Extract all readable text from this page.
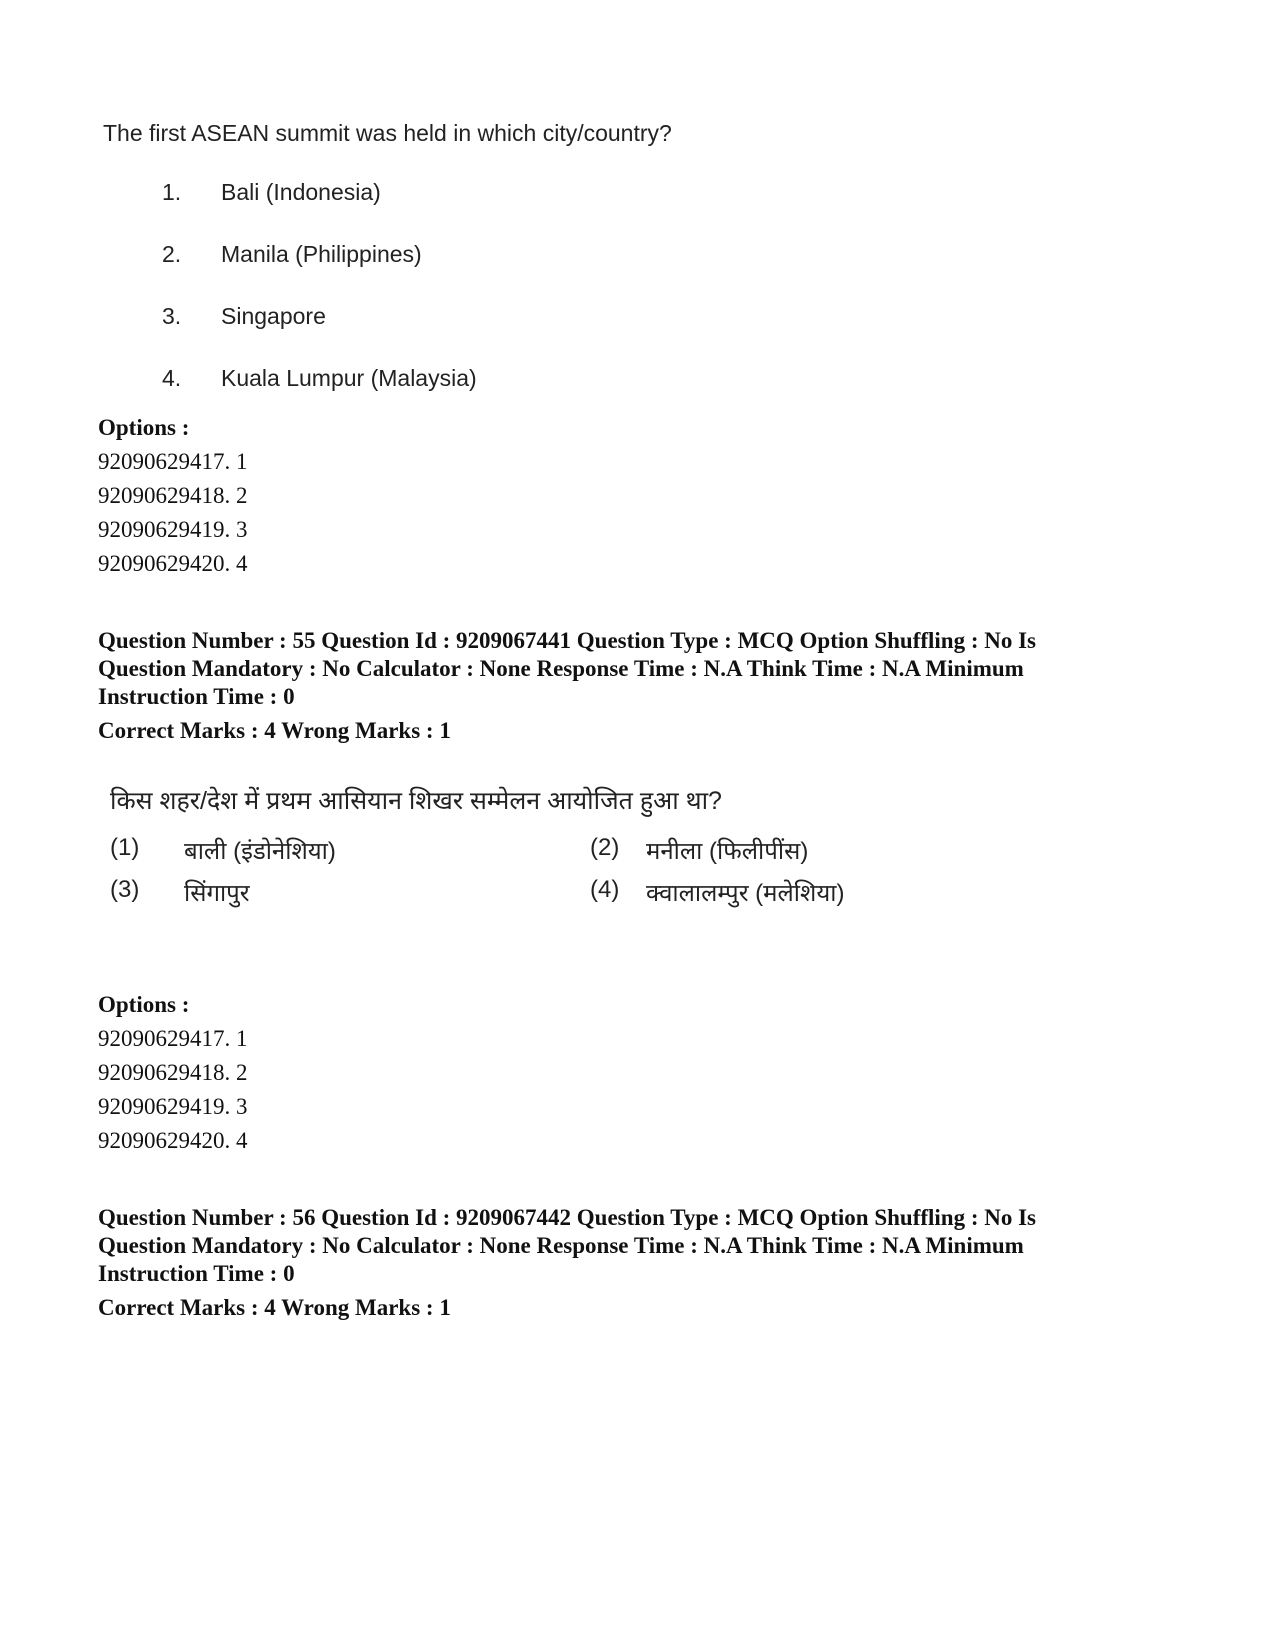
The first ASEAN summit was held in which city/country?
1.	Bali (Indonesia)
2.	Manila (Philippines)
3.	Singapore
4.	Kuala Lumpur (Malaysia)
Options :
92090629417. 1
92090629418. 2
92090629419. 3
92090629420. 4
Question Number : 55 Question Id : 9209067441 Question Type : MCQ Option Shuffling : No Is
Question Mandatory : No Calculator : None Response Time : N.A Think Time : N.A Minimum
Instruction Time : 0
Correct Marks : 4 Wrong Marks : 1
किस शहर/देश में प्रथम आसियान शिखर सम्मेलन आयोजित हुआ था?
(1)	बाली (इंडोनेशिया)	(2)	मनीला (फिलीपींस)
(3)	सिंगापुर	(4)	क्वालालम्पुर (मलेशिया)
Options :
92090629417. 1
92090629418. 2
92090629419. 3
92090629420. 4
Question Number : 56 Question Id : 9209067442 Question Type : MCQ Option Shuffling : No Is
Question Mandatory : No Calculator : None Response Time : N.A Think Time : N.A Minimum
Instruction Time : 0
Correct Marks : 4 Wrong Marks : 1
